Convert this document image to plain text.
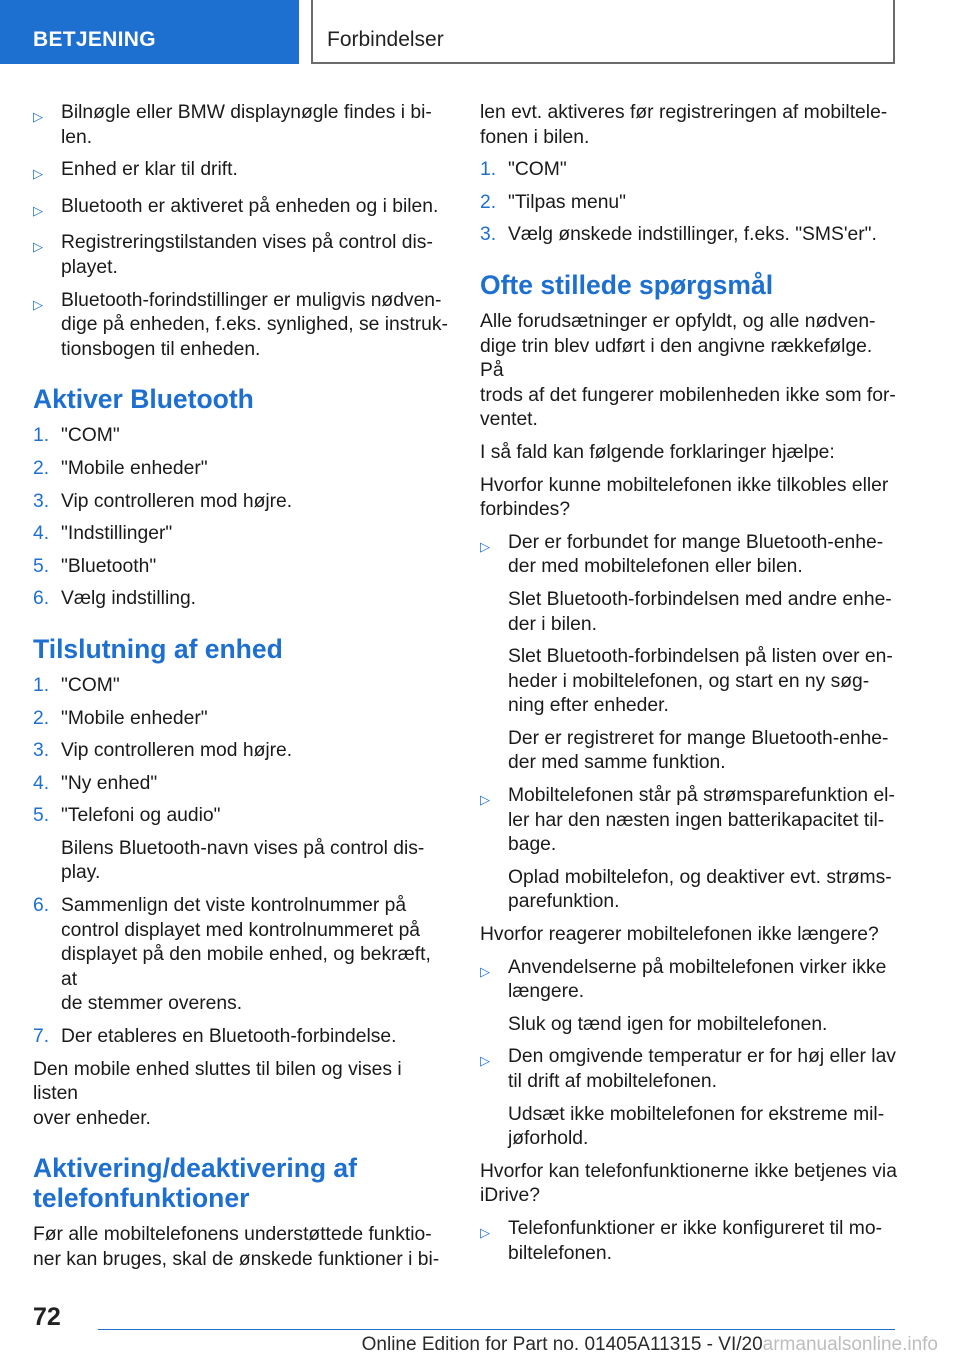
BETJENING	Forbindelser
▷ Bilnøgle eller BMW displaynøgle findes i bi-
len.
▷ Enhed er klar til drift.
▷ Bluetooth er aktiveret på enheden og i bilen.
▷ Registreringstilstanden vises på control dis-
playet.
▷ Bluetooth-forindstillinger er muligvis nødven-
dige på enheden, f.eks. synlighed, se instruk-
tionsbogen til enheden.
Aktiver Bluetooth
1. "COM"
2. "Mobile enheder"
3. Vip controlleren mod højre.
4. "Indstillinger"
5. "Bluetooth"
6. Vælg indstilling.
Tilslutning af enhed
1. "COM"
2. "Mobile enheder"
3. Vip controlleren mod højre.
4. "Ny enhed"
5. "Telefoni og audio"
Bilens Bluetooth-navn vises på control dis-
play.
6. Sammenlign det viste kontrolnummer på
control displayet med kontrolnummeret på
displayet på den mobile enhed, og bekræft, at
de stemmer overens.
7. Der etableres en Bluetooth-forbindelse.
Den mobile enhed sluttes til bilen og vises i listen
over enheder.
Aktivering/deaktivering af
telefonfunktioner
Før alle mobiltelefonens understøttede funktio-
ner kan bruges, skal de ønskede funktioner i bi-
len evt. aktiveres før registreringen af mobiltele-
fonen i bilen.
1. "COM"
2. "Tilpas menu"
3. Vælg ønskede indstillinger, f.eks. "SMS'er".
Ofte stillede spørgsmål
Alle forudsætninger er opfyldt, og alle nødven-
dige trin blev udført i den angivne rækkefølge. På
trods af det fungerer mobilenheden ikke som for-
ventet.
I så fald kan følgende forklaringer hjælpe:
Hvorfor kunne mobiltelefonen ikke tilkobles eller
forbindes?
▷ Der er forbundet for mange Bluetooth-enhe-
der med mobiltelefonen eller bilen.
Slet Bluetooth-forbindelsen med andre enhe-
der i bilen.
Slet Bluetooth-forbindelsen på listen over en-
heder i mobiltelefonen, og start en ny søg-
ning efter enheder.
Der er registreret for mange Bluetooth-enhe-
der med samme funktion.
▷ Mobiltelefonen står på strømsparefunktion el-
ler har den næsten ingen batterikapacitet til-
bage.
Oplad mobiltelefon, og deaktiver evt. strøms-
parefunktion.
Hvorfor reagerer mobiltelefonen ikke længere?
▷ Anvendelserne på mobiltelefonen virker ikke
længere.
Sluk og tænd igen for mobiltelefonen.
▷ Den omgivende temperatur er for høj eller lav
til drift af mobiltelefonen.
Udsæt ikke mobiltelefonen for ekstreme mil-
jøforhold.
Hvorfor kan telefonfunktionerne ikke betjenes via
iDrive?
▷ Telefonfunktioner er ikke konfigureret til mo-
biltelefonen.
72
Online Edition for Part no. 01405A11315 - VI/20armanualsonline.info
